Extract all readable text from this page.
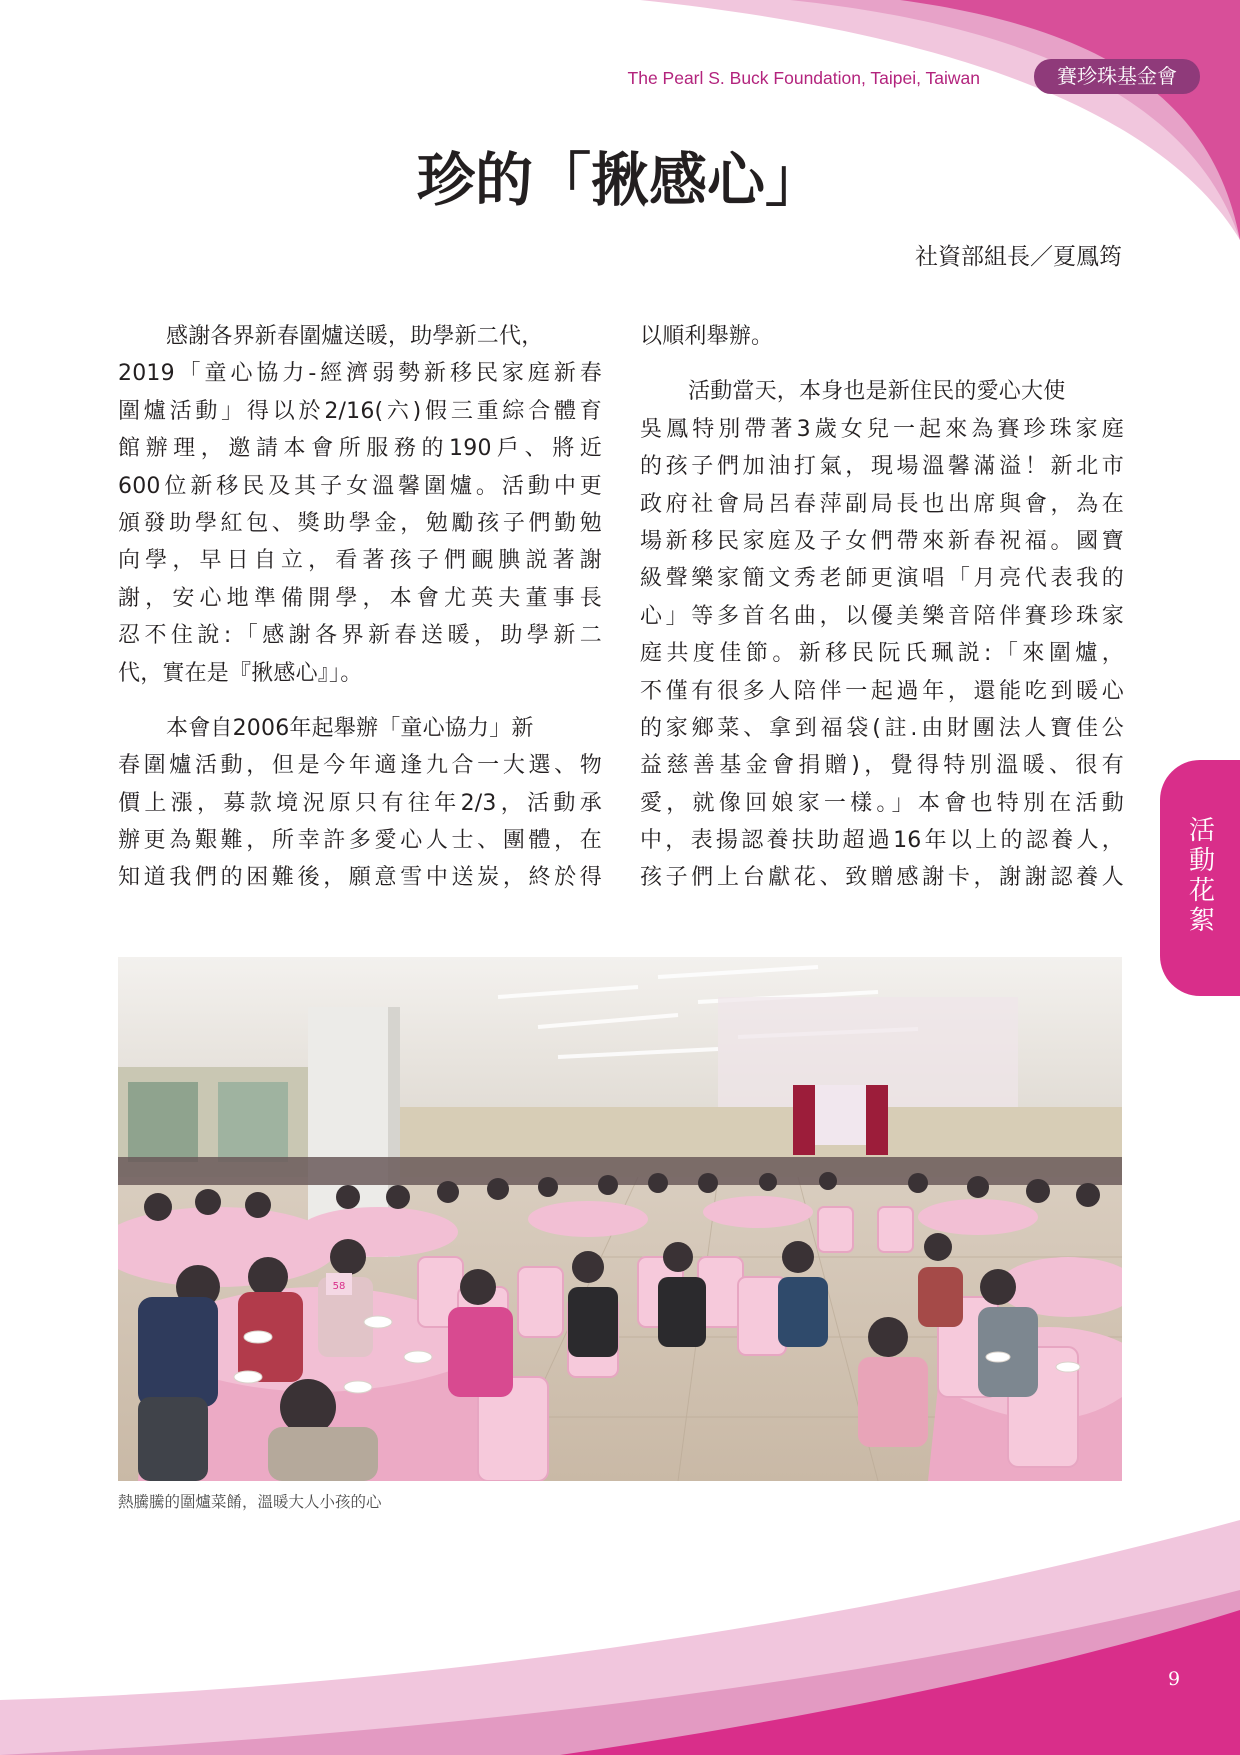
The Pearl S. Buck Foundation, Taipei, Taiwan	賽珍珠基金會
珍的「揪感心」
社資部組長／夏鳳筠
感謝各界新春圍爐送暖，助學新二代，
2019「童心協力-經濟弱勢新移民家庭新春
圍爐活動」得以於2/16(六)假三重綜合體育
館辦理，邀請本會所服務的190戶、將近
600位新移民及其子女溫馨圍爐。活動中更
頒發助學紅包、獎助學金，勉勵孩子們勤勉
向學，早日自立，看著孩子們靦腆説著謝
謝，安心地準備開學，本會尤英夫董事長
忍不住說:「感謝各界新春送暖，助學新二
代，實在是『揪感心』」。
本會自2006年起舉辦「童心協力」新
春圍爐活動，但是今年適逢九合一大選、物
價上漲，募款境況原只有往年2/3，活動承
辦更為艱難，所幸許多愛心人士、團體，在
知道我們的困難後，願意雪中送炭，終於得
以順利舉辦。
活動當天，本身也是新住民的愛心大使
吳鳳特別帶著3歲女兒一起來為賽珍珠家庭
的孩子們加油打氣，現場溫馨滿溢！新北市
政府社會局呂春萍副局長也出席與會，為在
場新移民家庭及子女們帶來新春祝福。國寶
級聲樂家簡文秀老師更演唱「月亮代表我的
心」等多首名曲，以優美樂音陪伴賽珍珠家
庭共度佳節。新移民阮氏珮説:「來圍爐，
不僅有很多人陪伴一起過年，還能吃到暖心
的家鄉菜、拿到福袋(註.由財團法人寶佳公
益慈善基金會捐贈)，覺得特別溫暖、很有
愛，就像回娘家一樣。」本會也特別在活動
中，表揚認養扶助超過16年以上的認養人，
孩子們上台獻花、致贈感謝卡，謝謝認養人
58
熱騰騰的圍爐菜餚，溫暖大人小孩的心
活
動
花
絮
9
